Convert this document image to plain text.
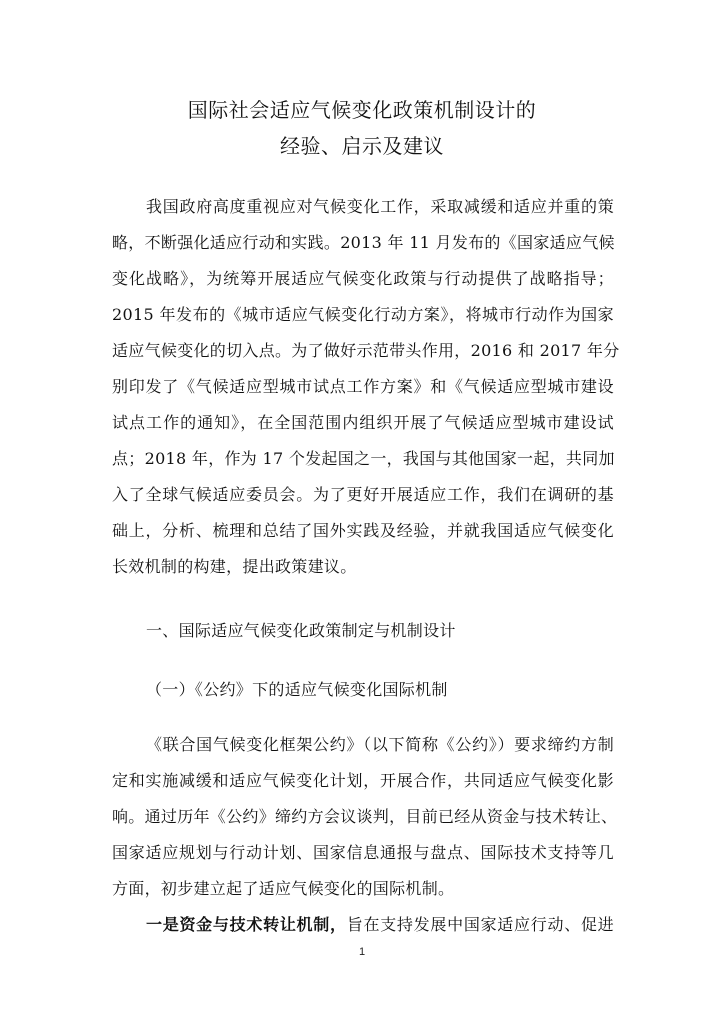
国际社会适应气候变化政策机制设计的
经验、启示及建议
我国政府高度重视应对气候变化工作，采取减缓和适应并重的策
略，不断强化适应行动和实践。2013 年 11 月发布的《国家适应气候
变化战略》，为统筹开展适应气候变化政策与行动提供了战略指导；
2015 年发布的《城市适应气候变化行动方案》，将城市行动作为国家
适应气候变化的切入点。为了做好示范带头作用，2016 和 2017 年分
别印发了《气候适应型城市试点工作方案》和《气候适应型城市建设
试点工作的通知》，在全国范围内组织开展了气候适应型城市建设试
点；2018 年，作为 17 个发起国之一，我国与其他国家一起，共同加
入了全球气候适应委员会。为了更好开展适应工作，我们在调研的基
础上，分析、梳理和总结了国外实践及经验，并就我国适应气候变化
长效机制的构建，提出政策建议。
一、国际适应气候变化政策制定与机制设计
（一）《公约》下的适应气候变化国际机制
《联合国气候变化框架公约》（以下简称《公约》）要求缔约方制
定和实施减缓和适应气候变化计划，开展合作，共同适应气候变化影
响。通过历年《公约》缔约方会议谈判，目前已经从资金与技术转让、
国家适应规划与行动计划、国家信息通报与盘点、国际技术支持等几
方面，初步建立起了适应气候变化的国际机制。
一是资金与技术转让机制，旨在支持发展中国家适应行动、促进
1
